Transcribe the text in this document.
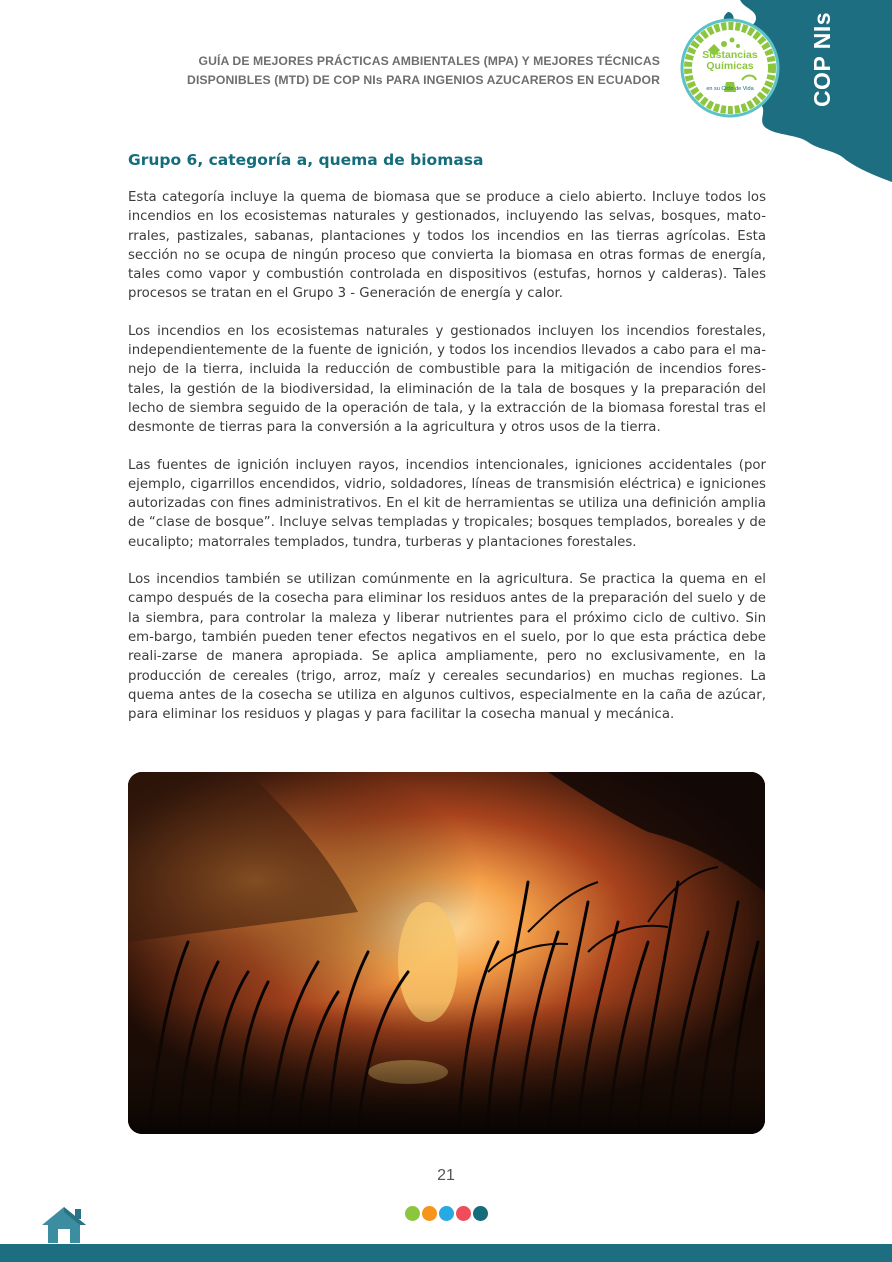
COP NIs
Sustancias
Químicas
en su Ciclo de Vida
GUÍA DE MEJORES PRÁCTICAS AMBIENTALES (MPA) Y MEJORES TÉCNICAS
DISPONIBLES (MTD) DE COP NIs PARA INGENIOS AZUCAREROS EN ECUADOR
Grupo 6, categoría a, quema de biomasa

Esta categoría incluye la quema de biomasa que se produce a cielo abierto. Incluye todos los incendios en los ecosistemas naturales y gestionados, incluyendo las selvas, bosques, mato-rrales, pastizales, sabanas, plantaciones y todos los incendios en las tierras agrícolas. Esta sección no se ocupa de ningún proceso que convierta la biomasa en otras formas de energía, tales como vapor y combustión controlada en dispositivos (estufas, hornos y calderas). Tales procesos se tratan en el Grupo 3 - Generación de energía y calor.

Los incendios en los ecosistemas naturales y gestionados incluyen los incendios forestales, independientemente de la fuente de ignición, y todos los incendios llevados a cabo para el ma-nejo de la tierra, incluida la reducción de combustible para la mitigación de incendios fores-tales, la gestión de la biodiversidad, la eliminación de la tala de bosques y la preparación del lecho de siembra seguido de la operación de tala, y la extracción de la biomasa forestal tras el desmonte de tierras para la conversión a la agricultura y otros usos de la tierra.

Las fuentes de ignición incluyen rayos, incendios intencionales, igniciones accidentales (por ejemplo, cigarrillos encendidos, vidrio, soldadores, líneas de transmisión eléctrica) e igniciones autorizadas con fines administrativos. En el kit de herramientas se utiliza una definición amplia de “clase de bosque”. Incluye selvas templadas y tropicales; bosques templados, boreales y de eucalipto; matorrales templados, tundra, turberas y plantaciones forestales.

Los incendios también se utilizan comúnmente en la agricultura. Se practica la quema en el campo después de la cosecha para eliminar los residuos antes de la preparación del suelo y de la siembra, para controlar la maleza y liberar nutrientes para el próximo ciclo de cultivo. Sin em-bargo, también pueden tener efectos negativos en el suelo, por lo que esta práctica debe reali-zarse de manera apropiada. Se aplica ampliamente, pero no exclusivamente, en la producción de cereales (trigo, arroz, maíz y cereales secundarios) en muchas regiones. La quema antes de la cosecha se utiliza en algunos cultivos, especialmente en la caña de azúcar, para eliminar los residuos y plagas y para facilitar la cosecha manual y mecánica.

21
